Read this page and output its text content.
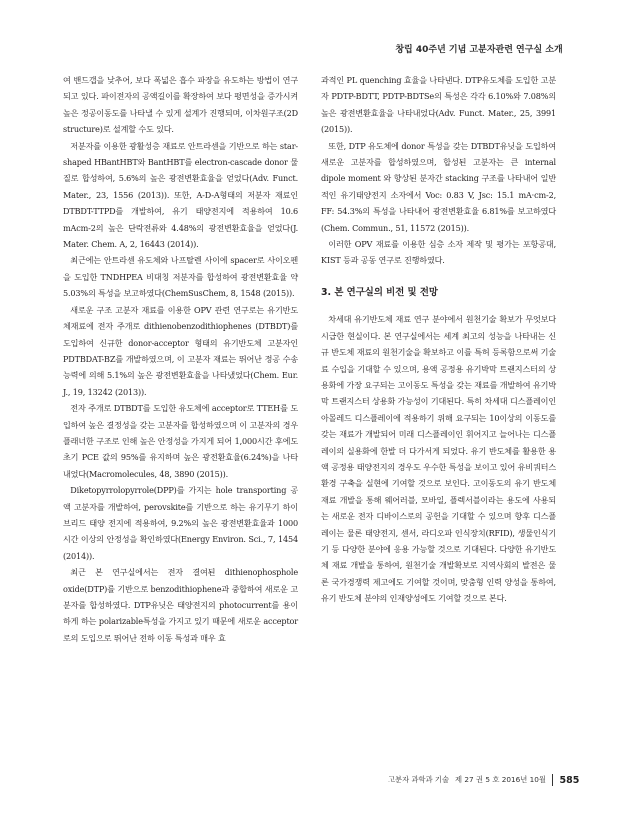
창립 40주년 기념 고분자관련 연구실 소개

여 밴드갭을 낮추어, 보다 폭넓은 흡수 파장을 유도하는 방법이 연구되고 있다. 파이전자의 공액길이를 확장하여 보다 평면성을 증가시켜 높은 정공이동도를 나타낼 수 있게 설계가 진행되며, 이차원구조(2D structure)로 설계할 수도 있다.

저분자를 이용한 광활성층 재료로 안트라센을 기반으로 하는 star-shaped HBantHBT와 BantHBT를 electron-cascade donor 물질로 합성하여, 5.6%의 높은 광전변환효율을 얻었다(Adv. Funct. Mater., 23, 1556 (2013)). 또한, A-D-A형태의 저분자 재료인 DTBDT-TTPD를 개발하여, 유기 태양전지에 적용하여 10.6 mAcm-2의 높은 단락전류와 4.48%의 광전변환효율을 얻었다(J. Mater. Chem. A, 2, 16443 (2014)).

최근에는 안트라센 유도체와 나프탈렌 사이에 spacer로 사이오펜을 도입한 TNDHPEA 비대칭 저분자를 합성하여 광전변환효율 약 5.03%의 특성을 보고하였다(ChemSusChem, 8, 1548 (2015)).

새로운 구조 고분자 재료를 이용한 OPV 관련 연구로는 유기반도체재료에 전자 주개로 dithienobenzodithiophenes (DTBDT)를 도입하여 신규한 donor-acceptor 형태의 유기반도체 고분자인 PDTBDAT-BZ를 개발하였으며, 이 고분자 재료는 뛰어난 정공 수송 능력에 의해 5.1%의 높은 광전변환효율을 나타냈었다(Chem. Eur. J., 19, 13242 (2013)).

전자 주개로 DTBDT를 도입한 유도체에 acceptor로 TTEH를 도입하여 높은 결정성을 갖는 고분자를 합성하였으며 이 고분자의 경우 플래너한 구조로 인해 높은 안정성을 가지게 되어 1,000시간 후에도 초기 PCE 값의 95%를 유지하며 높은 광전환효율(6.24%)을 나타내었다(Macromolecules, 48, 3890 (2015)).

Diketopyrrolopyrrole(DPP)를 가지는 hole transporting 공액 고분자를 개발하여, perovskite를 기반으로 하는 유기무기 하이브리드 태양 전지에 적용하여, 9.2%의 높은 광전변환효율과 1000 시간 이상의 안정성을 확인하였다(Energy Environ. Sci., 7, 1454 (2014)).

최근 본 연구실에서는 전자 결여된 dithienophosphole oxide(DTP)를 기반으로 benzodithiophene과 중합하여 새로운 고분자를 합성하였다. DTP유닛은 태양전지의 photocurrent를 용이하게 하는 polarizable특성을 가지고 있기 때문에 새로운 acceptor로의 도입으로 뛰어난 전하 이동 특성과 매우 효

과적인 PL quenching 효율을 나타낸다. DTP유도체를 도입한 고분자 PDTP-BDTT, PDTP-BDTSe의 특성은 각각 6.10%와 7.08%의 높은 광전변환효율을 나타내었다(Adv. Funct. Mater., 25, 3991 (2015)).

또한, DTP 유도체에 donor 특성을 갖는 DTBDT유닛을 도입하여 새로운 고분자를 합성하였으며, 합성된 고분자는 큰 internal dipole moment 와 향상된 분자간 stacking 구조를 나타내어 일반적인 유기태양전지 소자에서 Voc: 0.83 V, Jsc: 15.1 mA·cm-2, FF: 54.3%의 특성을 나타내어 광전변환효율 6.81%를 보고하였다(Chem. Commun., 51, 11572 (2015)).

이러한 OPV 재료를 이용한 심층 소자 제작 및 평가는 포항공대, KIST 등과 공동 연구로 진행하였다.

3. 본 연구실의 비전 및 전망

차세대 유기반도체 재료 연구 분야에서 원천기술 확보가 무엇보다 시급한 현실이다. 본 연구실에서는 세계 최고의 성능을 나타내는 신규 반도체 재료의 원천기술을 확보하고 이를 특허 등록함으로써 기술료 수입을 기대할 수 있으며, 용액 공정용 유기박막 트랜지스터의 상용화에 가장 요구되는 고이동도 특성을 갖는 재료를 개발하여 유기박막 트랜지스터 상용화 가능성이 기대된다. 특히 차세대 디스플레이인 아몰레드 디스플레이에 적용하기 위해 요구되는 10이상의 이동도를 갖는 재료가 개발되어 미래 디스플레이인 휘어지고 늘어나는 디스플레이의 실용화에 한발 더 다가서게 되었다. 유기 반도체를 활용한 용액 공정용 태양전지의 경우도 우수한 특성을 보이고 있어 유비쿼터스 환경 구축을 실현에 기여할 것으로 보인다. 고이동도의 유기 반도체 재료 개발을 통해 웨어러블, 모바일, 플렉서블이라는 용도에 사용되는 새로운 전자 디바이스로의 공헌을 기대할 수 있으며 향후 디스플레이는 물론 태양전지, 센서, 라디오파 인식장치(RFID), 생물인식기기 등 다양한 분야에 응용 가능할 것으로 기대된다. 다양한 유기반도체 재료 개발을 통하여, 원천기술 개발확보로 지역사회의 발전은 물론 국가경쟁력 제고에도 기여할 것이며, 맞춤형 인력 양성을 통하여, 유기 반도체 분야의 인재양성에도 기여할 것으로 본다.

고분자 과학과 기술 제 27 권 5 호 2016년 10월 585
